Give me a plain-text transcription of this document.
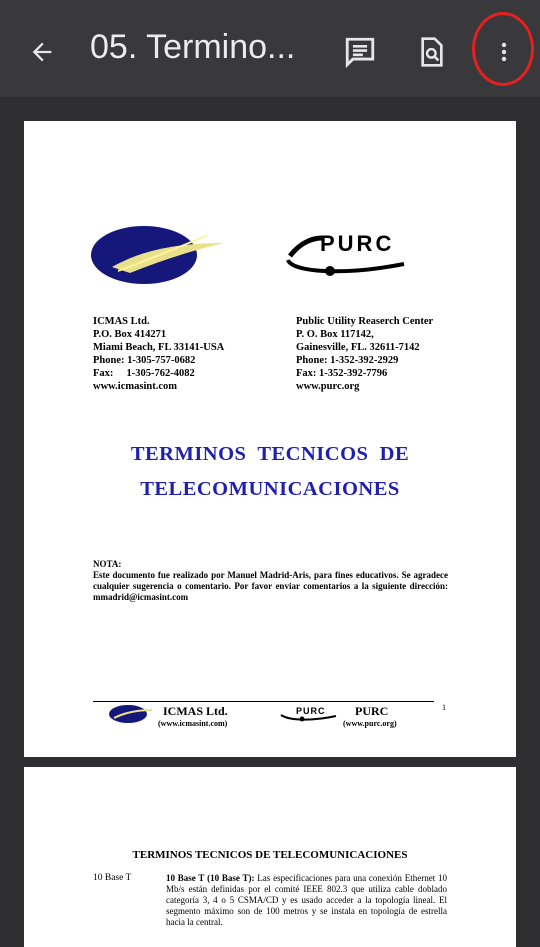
05. Termino...
PURC
ICMAS Ltd.
P.O. Box 414271
Miami Beach, FL 33141-USA
Phone: 1-305-757-0682
Fax:     1-305-762-4082
www.icmasint.com
Public Utility Reaserch Center
P. O. Box 117142,
Gainesville, FL. 32611-7142
Phone: 1-352-392-2929
Fax: 1-352-392-7796
www.purc.org
TERMINOS  TECNICOS  DE
TELECOMUNICACIONES
NOTA:
Este documento fue realizado por Manuel Madrid-Aris, para fines educativos. Se agradece cualquier sugerencia o comentario. Por favor enviar comentarios a la siguiente dirección: mmadrid@icmasint.com
ICMAS Ltd.
(www.icmasint.com)
PURC PURC
(www.purc.org)
1
TERMINOS TECNICOS DE TELECOMUNICACIONES
10 Base T	10 Base T (10 Base T): Las especificaciones para una conexión Ethernet 10 Mb/s están definidas por el comité IEEE 802.3 que utiliza cable doblado categoría 3, 4 o 5 CSMA/CD y es usado acceder a la topología lineal. El segmento máximo son de 100 metros y se instala en topología de estrella hacia la central.
